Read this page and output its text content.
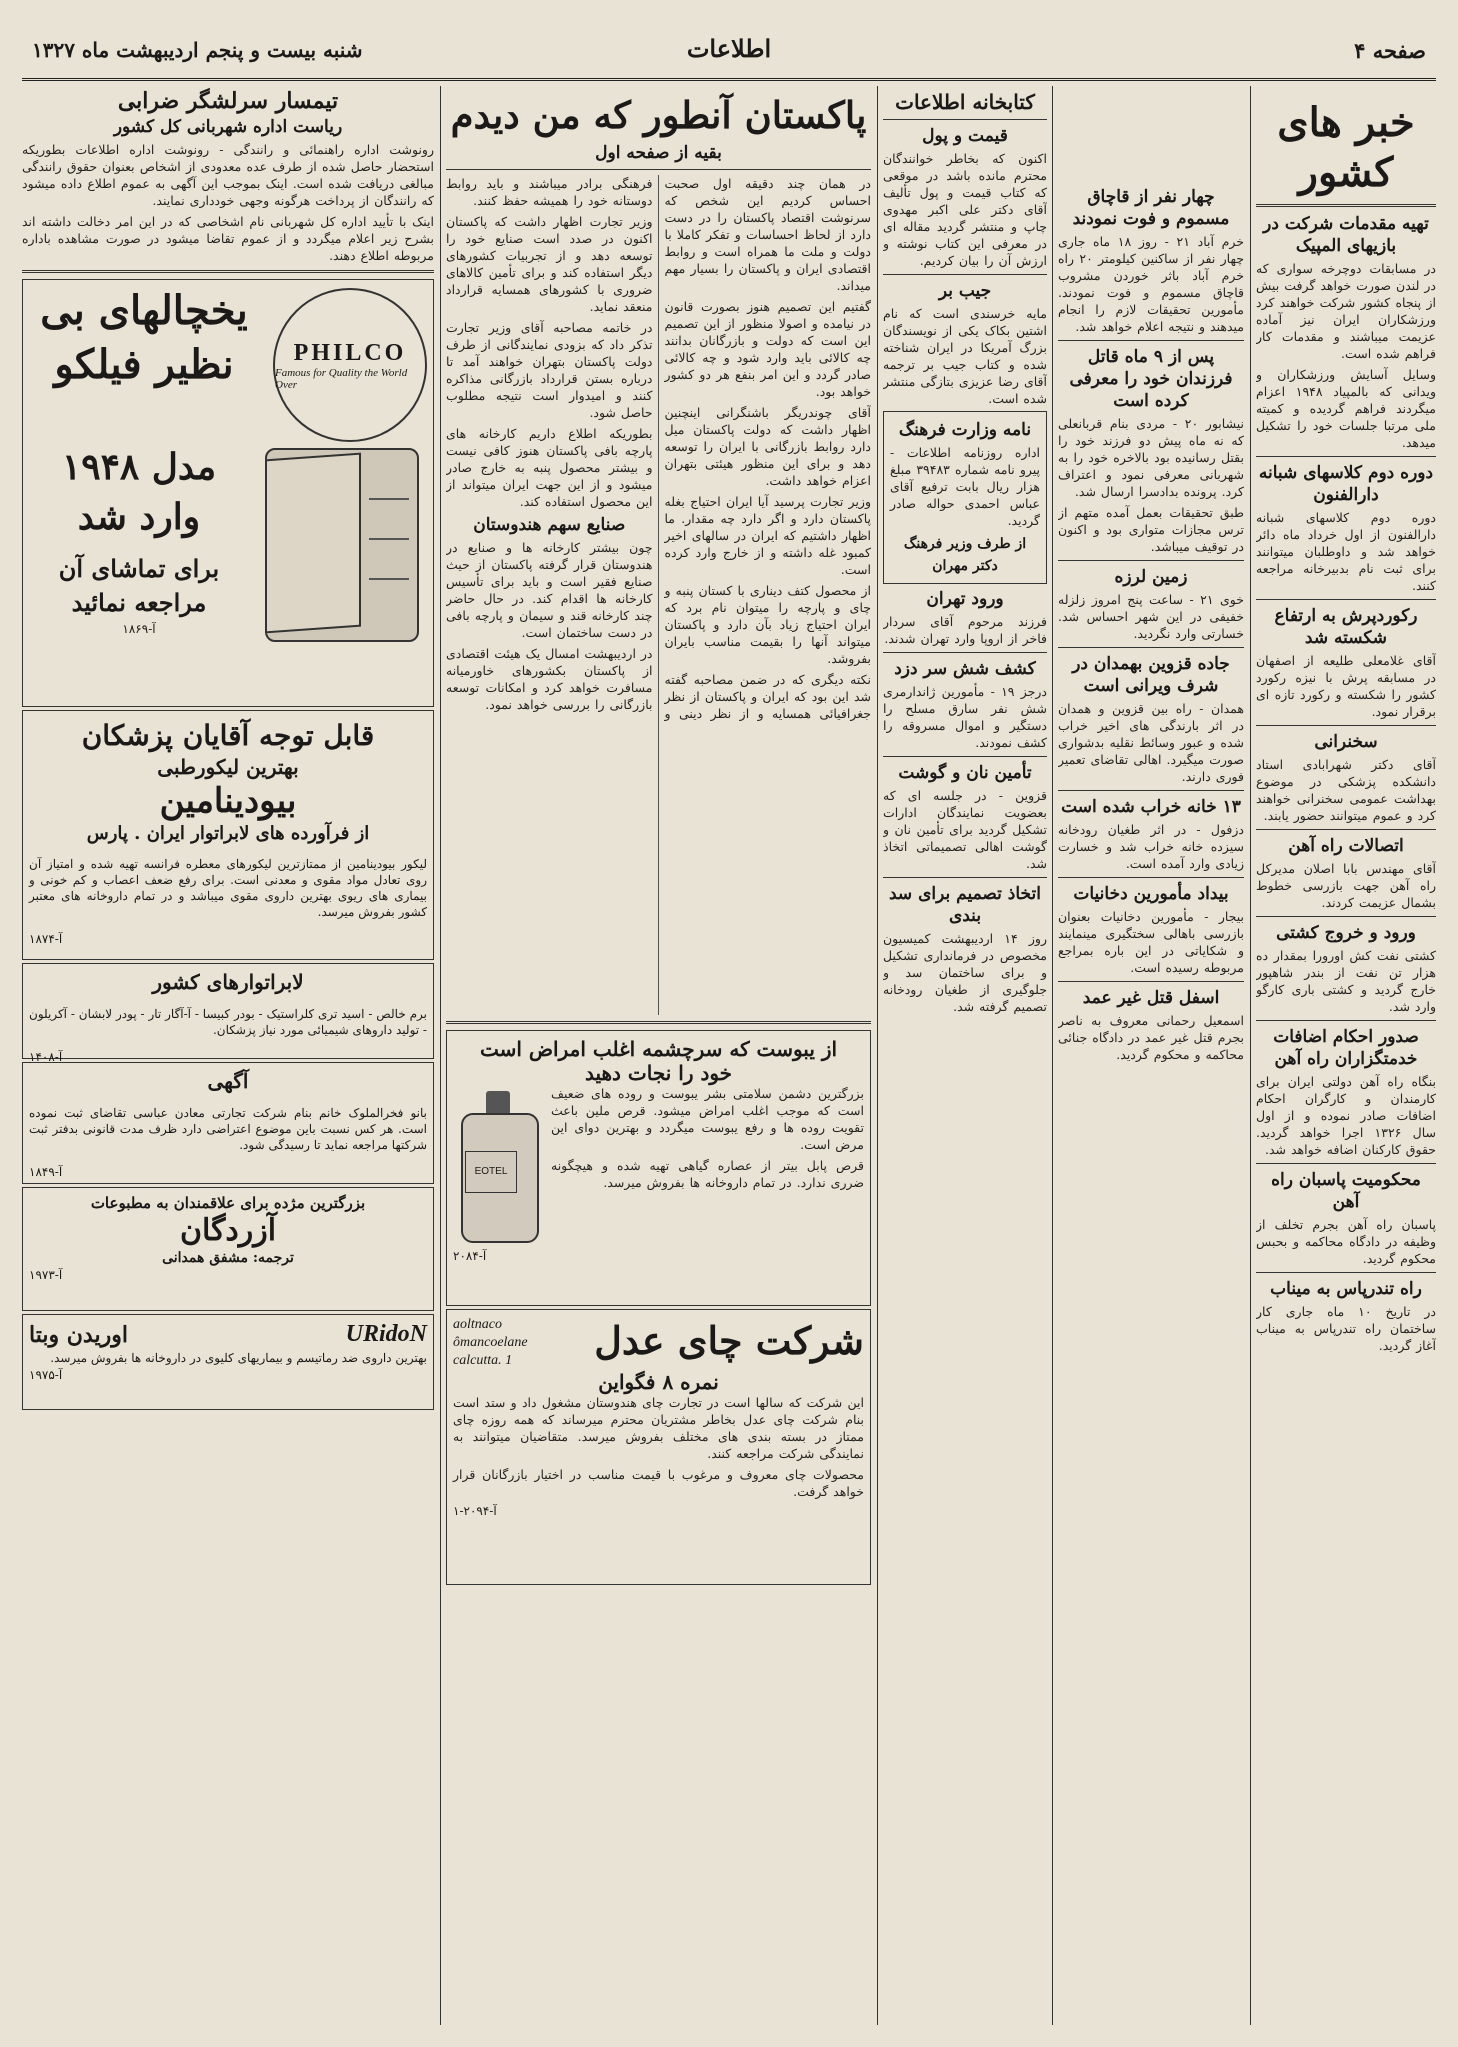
صفحه ۴
اطلاعات
شنبه بیست و پنجم اردیبهشت ماه ۱۳۲۷
خبر های کشور
تهیه مقدمات شرکت در بازیهای المپیک

در مسابقات دوچرخه سواری که در لندن صورت خواهد گرفت بیش از پنجاه کشور شرکت خواهند کرد ورزشکاران ایران نیز آماده عزیمت میباشند و مقدمات کار فراهم شده است.

وسایل آسایش ورزشکاران و ویدانی که بالمپیاد ۱۹۴۸ اعزام میگردند فراهم گردیده و کمیته ملی مرتبا جلسات خود را تشکیل میدهد.

دوره دوم کلاسهای شبانه دارالفنون

دوره دوم کلاسهای شبانه دارالفنون از اول خرداد ماه دائر خواهد شد و داوطلبان میتوانند برای ثبت نام بدبیرخانه مراجعه کنند.

رکوردپرش به ارتفاع شکسته شد

آقای غلامعلی طلیعه از اصفهان در مسابقه پرش با نیزه رکورد کشور را شکسته و رکورد تازه ای برقرار نمود.

سخنرانی

آقای دکتر شهرابادی استاد دانشکده پزشکی در موضوع بهداشت عمومی سخنرانی خواهند کرد و عموم میتوانند حضور یابند.

اتصالات راه آهن

آقای مهندس بابا اصلان مدیرکل راه آهن جهت بازرسی خطوط بشمال عزیمت کردند.

ورود و خروج کشتی

کشتی نفت کش اورورا بمقدار ده هزار تن نفت از بندر شاهپور خارج گردید و کشتی باری کارگو وارد شد.

صدور احکام اضافات خدمتگزاران راه آهن

بنگاه راه آهن دولتی ایران برای کارمندان و کارگران احکام اضافات صادر نموده و از اول سال ۱۳۲۶ اجرا خواهد گردید. حقوق کارکنان اضافه خواهد شد.

محکومیت پاسبان راه آهن

پاسبان راه آهن بجرم تخلف از وظیفه در دادگاه محاکمه و بحبس محکوم گردید.

راه تندرپاس به میناب

در تاریخ ۱۰ ماه جاری کار ساختمان راه تندرپاس به میناب آغاز گردید.

چهار نفر از قاچاق مسموم و فوت نمودند

خرم آباد ۲۱ - روز ۱۸ ماه جاری چهار نفر از ساکنین کیلومتر ۲۰ راه خرم آباد باثر خوردن مشروب قاچاق مسموم و فوت نمودند. مأمورین تحقیقات لازم را انجام میدهند و نتیجه اعلام خواهد شد.

پس از ۹ ماه قاتل فرزندان خود را معرفی کرده است

نیشابور ۲۰ - مردی بنام قربانعلی که نه ماه پیش دو فرزند خود را بقتل رسانیده بود بالاخره خود را به شهربانی معرفی نمود و اعتراف کرد. پرونده بدادسرا ارسال شد.

طبق تحقیقات بعمل آمده متهم از ترس مجازات متواری بود و اکنون در توقیف میباشد.

زمین لرزه

خوی ۲۱ - ساعت پنج امروز زلزله خفیفی در این شهر احساس شد. خسارتی وارد نگردید.

جاده قزوین بهمدان در شرف ویرانی است

همدان - راه بین قزوین و همدان در اثر بارندگی های اخیر خراب شده و عبور وسائط نقلیه بدشواری صورت میگیرد. اهالی تقاضای تعمیر فوری دارند.

۱۳ خانه خراب شده است

دزفول - در اثر طغیان رودخانه سیزده خانه خراب شد و خسارت زیادی وارد آمده است.

بیداد مأمورین دخانیات

بیجار - مأمورین دخانیات بعنوان بازرسی باهالی سختگیری مینمایند و شکایاتی در این باره بمراجع مربوطه رسیده است.

اسفل قتل غیر عمد

اسمعیل رحمانی معروف به ناصر بجرم قتل غیر عمد در دادگاه جنائی محاکمه و محکوم گردید.

کتابخانه اطلاعات
قیمت و پول

اکنون که بخاطر خوانندگان محترم مانده باشد در موقعی که کتاب قیمت و پول تألیف آقای دکتر علی اکبر مهدوی چاپ و منتشر گردید مقاله ای در معرفی این کتاب نوشته و ارزش آن را بیان کردیم.

جیب بر

مایه خرسندی است که نام اشتین بکاک یکی از نویسندگان بزرگ آمریکا در ایران شناخته شده و کتاب جیب بر ترجمه آقای رضا عزیزی بتازگی منتشر شده است.

نامه وزارت فرهنگ

اداره روزنامه اطلاعات - پیرو نامه شماره ۳۹۴۸۳ مبلغ هزار ریال بابت ترفیع آقای عباس احمدی حواله صادر گردید.

از طرف وزیر فرهنگ دکتر مهران
ورود تهران

فرزند مرحوم آقای سردار فاخر از اروپا وارد تهران شدند.

کشف شش سر دزد

درجز ۱۹ - مأمورین ژاندارمری شش نفر سارق مسلح را دستگیر و اموال مسروقه را کشف نمودند.

تأمین نان و گوشت

قزوین - در جلسه ای که بعضویت نمایندگان ادارات تشکیل گردید برای تأمین نان و گوشت اهالی تصمیماتی اتخاذ شد.

اتخاذ تصمیم برای سد بندی

روز ۱۴ اردیبهشت کمیسیون مخصوص در فرمانداری تشکیل و برای ساختمان سد و جلوگیری از طغیان رودخانه تصمیم گرفته شد.

پاکستان آنطور که من دیدم
بقیه از صفحه اول

در همان چند دقیقه اول صحبت احساس کردیم این شخص که سرنوشت اقتصاد پاکستان را در دست دارد از لحاظ احساسات و تفکر کاملا با دولت و ملت ما همراه است و روابط اقتصادی ایران و پاکستان را بسیار مهم میداند.

گفتیم این تصمیم هنوز بصورت قانون در نیامده و اصولا منظور از این تصمیم این است که دولت و بازرگانان بدانند چه کالائی باید وارد شود و چه کالائی صادر گردد و این امر بنفع هر دو کشور خواهد بود.

آقای چوندریگر باشنگرانی اینچنین اظهار داشت که دولت پاکستان میل دارد روابط بازرگانی با ایران را توسعه دهد و برای این منظور هیئتی بتهران اعزام خواهد داشت.

وزیر تجارت پرسید آیا ایران احتیاج بغله پاکستان دارد و اگر دارد چه مقدار. ما اظهار داشتیم که ایران در سالهای اخیر کمبود غله داشته و از خارج وارد کرده است.

از محصول کتف دیناری با کستان پنبه و چای و پارچه را میتوان نام برد که ایران احتیاج زیاد بآن دارد و پاکستان میتواند آنها را بقیمت مناسب بایران بفروشد.

نکته دیگری که در ضمن مصاحبه گفته شد این بود که ایران و پاکستان از نظر جغرافیائی همسایه و از نظر دینی و فرهنگی برادر میباشند و باید روابط دوستانه خود را همیشه حفظ کنند.

وزیر تجارت اظهار داشت که پاکستان اکنون در صدد است صنایع خود را توسعه دهد و از تجربیات کشورهای دیگر استفاده کند و برای تأمین کالاهای ضروری با کشورهای همسایه قرارداد منعقد نماید.

در خاتمه مصاحبه آقای وزیر تجارت تذکر داد که بزودی نمایندگانی از طرف دولت پاکستان بتهران خواهند آمد تا درباره بستن قرارداد بازرگانی مذاکره کنند و امیدوار است نتیجه مطلوب حاصل شود.

بطوریکه اطلاع داریم کارخانه های پارچه بافی پاکستان هنوز کافی نیست و بیشتر محصول پنبه به خارج صادر میشود و از این جهت ایران میتواند از این محصول استفاده کند.

صنایع سهم هندوستان

چون بیشتر کارخانه ها و صنایع در هندوستان قرار گرفته پاکستان از حیث صنایع فقیر است و باید برای تأسیس کارخانه ها اقدام کند. در حال حاضر چند کارخانه قند و سیمان و پارچه بافی در دست ساختمان است.

در اردیبهشت امسال یک هیئت اقتصادی از پاکستان بکشورهای خاورمیانه مسافرت خواهد کرد و امکانات توسعه بازرگانی را بررسی خواهد نمود.

از یبوست که سرچشمه اغلب امراض است
خود را نجات دهید

بزرگترین دشمن سلامتی بشر یبوست و روده های ضعیف است که موجب اغلب امراض میشود. قرص ملین باعث تقویت روده ها و رفع یبوست میگردد و بهترین دوای این مرض است.

قرص پابل بیتر از عصاره گیاهی تهیه شده و هیچگونه ضرری ندارد. در تمام داروخانه ها بفروش میرسد.

EOTEL
آ-۲۰۸۴
شرکت چای عدل
aoltnaco
ômancoelane
calcutta. 1
نمره ۸ فگواین

این شرکت که سالها است در تجارت چای هندوستان مشغول داد و ستد است بنام شرکت چای عدل بخاطر مشتریان محترم میرساند که همه روزه چای ممتاز در بسته بندی های مختلف بفروش میرسد. متقاضیان میتوانند به نمایندگی شرکت مراجعه کنند.

محصولات چای معروف و مرغوب با قیمت مناسب در اختیار بازرگانان قرار خواهد گرفت.

آ-۲۰۹۴-۱
تیمسار سرلشگر ضرابی
ریاست اداره شهربانی کل کشور

رونوشت اداره راهنمائی و رانندگی - رونوشت اداره اطلاعات بطوریکه استحضار حاصل شده از طرف عده معدودی از اشخاص بعنوان حقوق رانندگی مبالغی دریافت شده است. اینک بموجب این آگهی به عموم اطلاع داده میشود که رانندگان از پرداخت هرگونه وجهی خودداری نمایند.

اینک با تأیید اداره کل شهربانی نام اشخاصی که در این امر دخالت داشته اند بشرح زیر اعلام میگردد و از عموم تقاضا میشود در صورت مشاهده باداره مربوطه اطلاع دهند.

PHILCO
Famous for Quality the World Over
یخچالهای بی نظیر فیلکو
مدل ۱۹۴۸ وارد شد
برای تماشای آن مراجعه نمائید
آ-۱۸۶۹
قابل توجه آقایان پزشکان
بهترین لیکورطبی
بیودینامین
از فرآورده های لابراتوار ایران . پارس

لیکور بیودینامین از ممتازترین لیکورهای معطره فرانسه تهیه شده و امتیاز آن روی تعادل مواد مقوی و معدنی است. برای رفع ضعف اعصاب و کم خونی و بیماری های ریوی بهترین داروی مقوی میباشد و در تمام داروخانه های معتبر کشور بفروش میرسد.

آ-۱۸۷۴
لابراتوارهای کشور

برم خالص - اسید تری کلراستیک - بودر کبیسا - آ-آگار تار - پودر لابشان - آکریلون - تولید داروهای شیمیائی مورد نیاز پزشکان.

آ-۱۴۰۸
آگهی

بانو فخرالملوک خانم بنام شرکت تجارتی معادن عباسی تقاضای ثبت نموده است. هر کس نسبت باین موضوع اعتراضی دارد ظرف مدت قانونی بدفتر ثبت شرکتها مراجعه نماید تا رسیدگی شود.

آ-۱۸۴۹
بزرگترین مژده برای علاقمندان به مطبوعات
آزردگان
ترجمه: مشفق همدانی
آ-۱۹۷۳
URidoN
اوریدن وبتا

بهترین داروی ضد رماتیسم و بیماریهای کلیوی در داروخانه ها بفروش میرسد.

آ-۱۹۷۵
